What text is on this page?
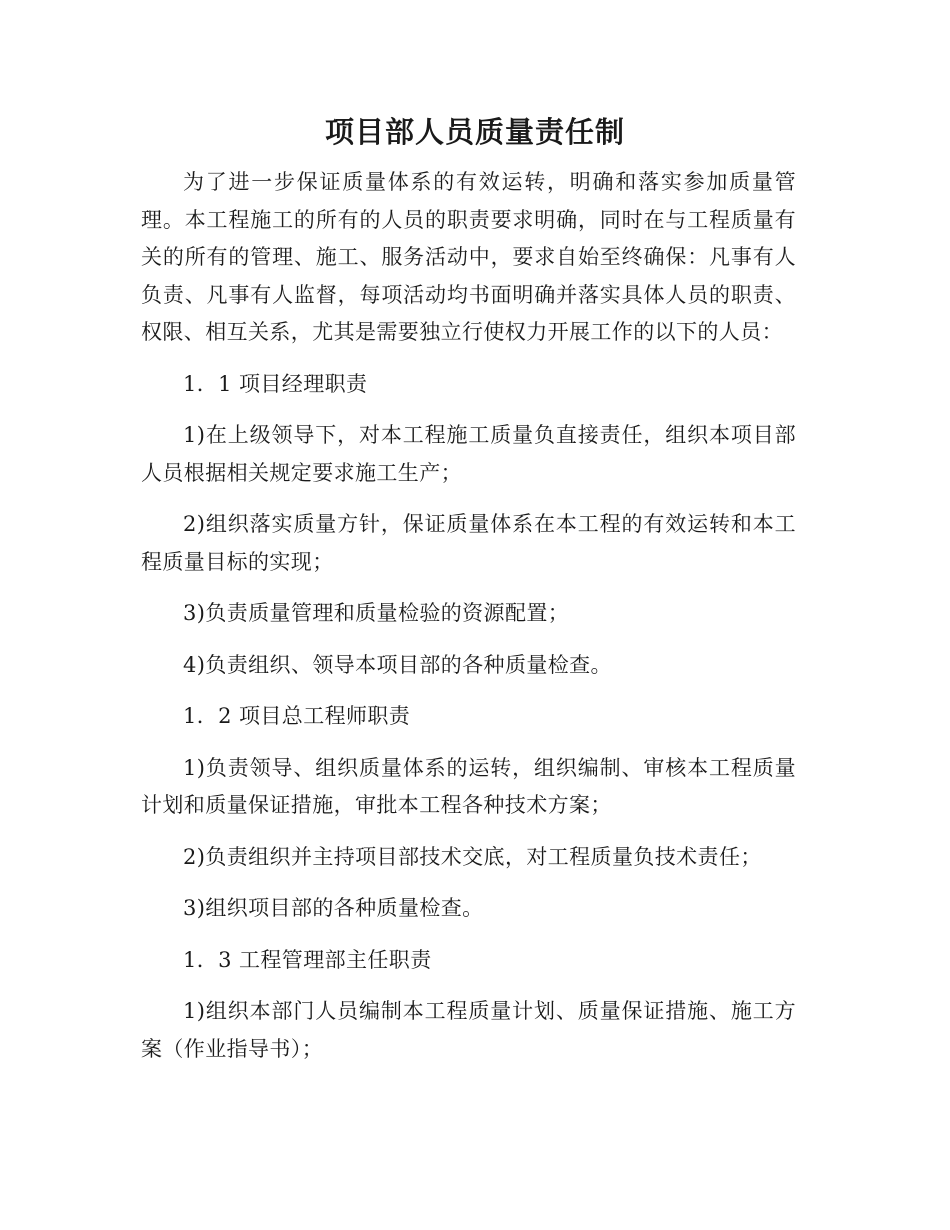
项目部人员质量责任制

为了进一步保证质量体系的有效运转，明确和落实参加质量管理。本工程施工的所有的人员的职责要求明确，同时在与工程质量有关的所有的管理、施工、服务活动中，要求自始至终确保：凡事有人负责、凡事有人监督，每项活动均书面明确并落实具体人员的职责、权限、相互关系，尤其是需要独立行使权力开展工作的以下的人员：

1．1 项目经理职责

1)在上级领导下，对本工程施工质量负直接责任，组织本项目部人员根据相关规定要求施工生产；

2)组织落实质量方针，保证质量体系在本工程的有效运转和本工程质量目标的实现；

3)负责质量管理和质量检验的资源配置；

4)负责组织、领导本项目部的各种质量检查。

1．2 项目总工程师职责

1)负责领导、组织质量体系的运转，组织编制、审核本工程质量计划和质量保证措施，审批本工程各种技术方案；

2)负责组织并主持项目部技术交底，对工程质量负技术责任；

3)组织项目部的各种质量检查。

1．3 工程管理部主任职责

1)组织本部门人员编制本工程质量计划、质量保证措施、施工方案（作业指导书）；
